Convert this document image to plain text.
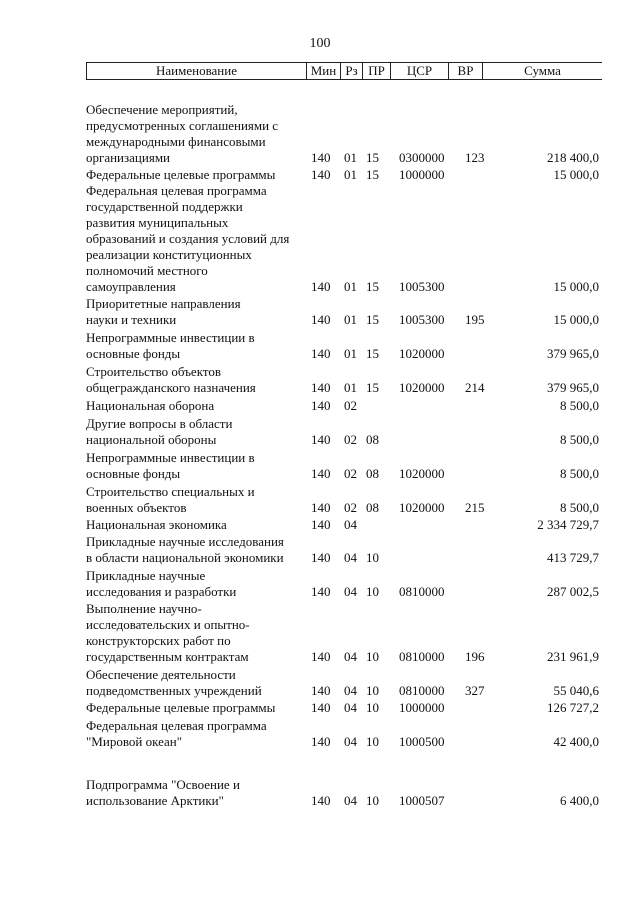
100
Наименование	Мин Рз ПР	ЦСР	ВР	Сумма
Обеспечение мероприятий,
предусмотренных соглашениями с
международными финансовыми
организациями	140 01 15 0300000 123	218 400,0
Федеральные целевые программы	140 01 15 1000000	15 000,0
Федеральная целевая программа
государственной поддержки
развития муниципальных
образований и создания условий для
реализации конституционных
полномочий местного
самоуправления	140 01 15 1005300	15 000,0
Приоритетные направления
науки и техники	140 01 15 1005300 195	15 000,0
Непрограммные инвестиции в
основные фонды	140 01 15 1020000	379 965,0
Строительство объектов
общегражданского назначения	140 01 15 1020000 214	379 965,0
Национальная оборона	140 02	8 500,0
Другие вопросы в области
национальной обороны	140 02 08	8 500,0
Непрограммные инвестиции в
основные фонды	140 02 08 1020000	8 500,0
Строительство специальных и
военных объектов	140 02 08 1020000 215	8 500,0
Национальная экономика	140 04	2 334 729,7
Прикладные научные исследования
в области национальной экономики	140 04 10	413 729,7
Прикладные научные
исследования и разработки	140 04 10 0810000	287 002,5
Выполнение научно-
исследовательских и опытно-
конструкторских работ по
государственным контрактам	140 04 10 0810000 196	231 961,9
Обеспечение деятельности
подведомственных учреждений	140 04 10 0810000 327	55 040,6
Федеральные целевые программы	140 04 10 1000000	126 727,2
Федеральная целевая программа
"Мировой океан"	140 04 10 1000500	42 400,0
Подпрограмма "Освоение и
использование Арктики"	140 04 10 1000507	6 400,0
